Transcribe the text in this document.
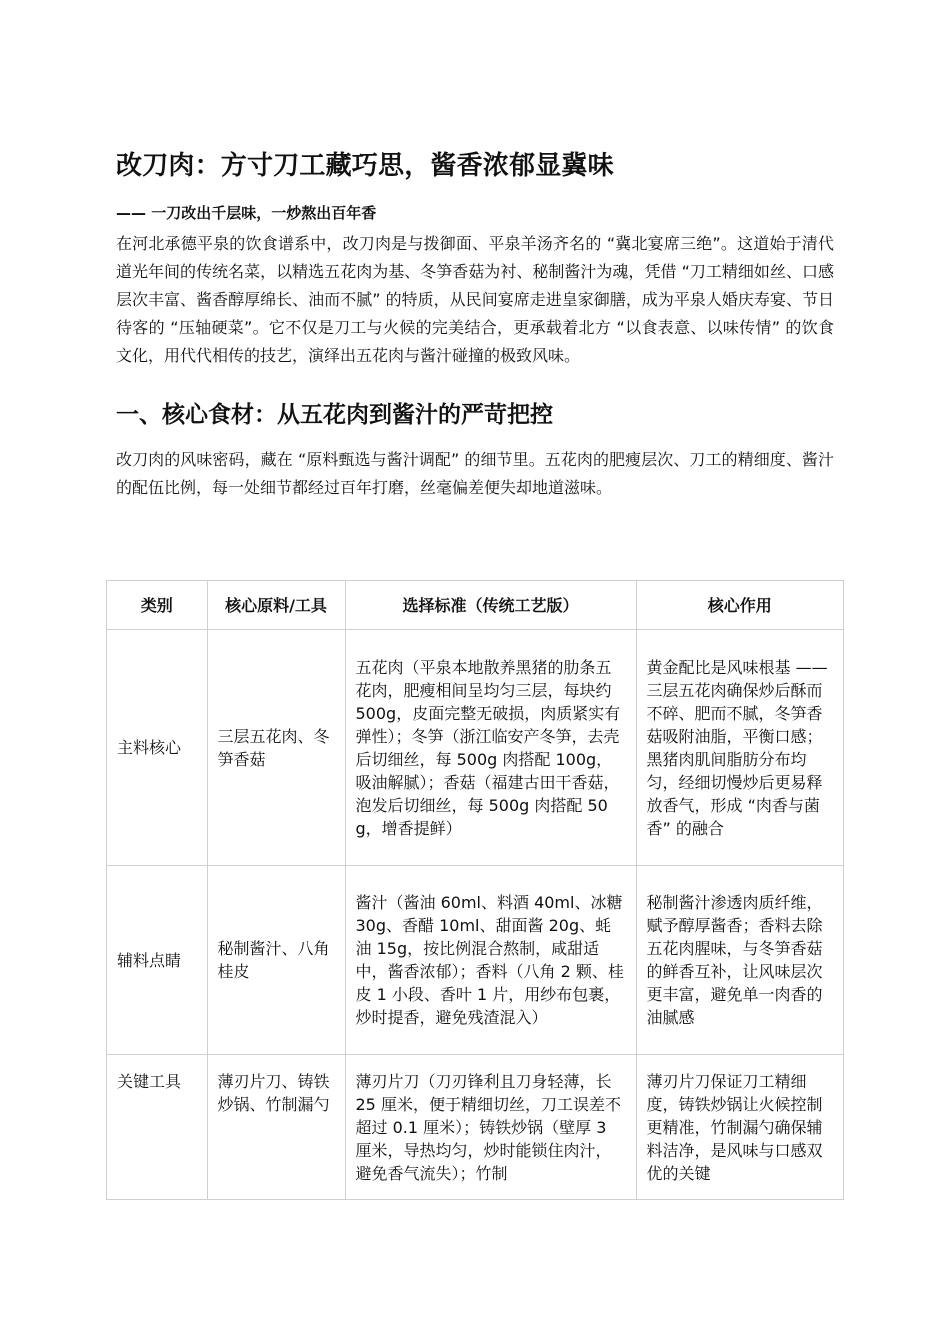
改刀肉：方寸刀工藏巧思，酱香浓郁显冀味
—— 一刀改出千层味，一炒熬出百年香

在河北承德平泉的饮食谱系中，改刀肉是与拨御面、平泉羊汤齐名的 “冀北宴席三绝”。这道始于清代道光年间的传统名菜，以精选五花肉为基、冬笋香菇为衬、秘制酱汁为魂，凭借 “刀工精细如丝、口感层次丰富、酱香醇厚绵长、油而不腻” 的特质，从民间宴席走进皇家御膳，成为平泉人婚庆寿宴、节日待客的 “压轴硬菜”。它不仅是刀工与火候的完美结合，更承载着北方 “以食表意、以味传情” 的饮食文化，用代代相传的技艺，演绎出五花肉与酱汁碰撞的极致风味。

一、核心食材：从五花肉到酱汁的严苛把控

改刀肉的风味密码，藏在 “原料甄选与酱汁调配” 的细节里。五花肉的肥瘦层次、刀工的精细度、酱汁的配伍比例，每一处细节都经过百年打磨，丝毫偏差便失却地道滋味。

类别	核心原料/工具	选择标准（传统工艺版）	核心作用
主料核心	三层五花肉、冬笋香菇	五花肉（平泉本地散养黑猪的肋条五花肉，肥瘦相间呈均匀三层，每块约 500g，皮面完整无破损，肉质紧实有弹性）；冬笋（浙江临安产冬笋，去壳后切细丝，每 500g 肉搭配 100g，吸油解腻）；香菇（福建古田干香菇，泡发后切细丝，每 500g 肉搭配 50g，增香提鲜）	黄金配比是风味根基 —— 三层五花肉确保炒后酥而不碎、肥而不腻，冬笋香菇吸附油脂，平衡口感；黑猪肉肌间脂肪分布均匀，经细切慢炒后更易释放香气，形成 “肉香与菌香” 的融合
辅料点睛	秘制酱汁、八角桂皮	酱汁（酱油 60ml、料酒 40ml、冰糖 30g、香醋 10ml、甜面酱 20g、蚝油 15g，按比例混合熬制，咸甜适中，酱香浓郁）；香料（八角 2 颗、桂皮 1 小段、香叶 1 片，用纱布包裹，炒时提香，避免残渣混入）	秘制酱汁渗透肉质纤维，赋予醇厚酱香；香料去除五花肉腥味，与冬笋香菇的鲜香互补，让风味层次更丰富，避免单一肉香的油腻感
关键工具	薄刃片刀、铸铁炒锅、竹制漏勺	薄刃片刀（刀刃锋利且刀身轻薄，长 25 厘米，便于精细切丝，刀工误差不超过 0.1 厘米）；铸铁炒锅（壁厚 3 厘米，导热均匀，炒时能锁住肉汁，避免香气流失）；竹制	薄刃片刀保证刀工精细度，铸铁炒锅让火候控制更精准，竹制漏勺确保辅料洁净，是风味与口感双优的关键
